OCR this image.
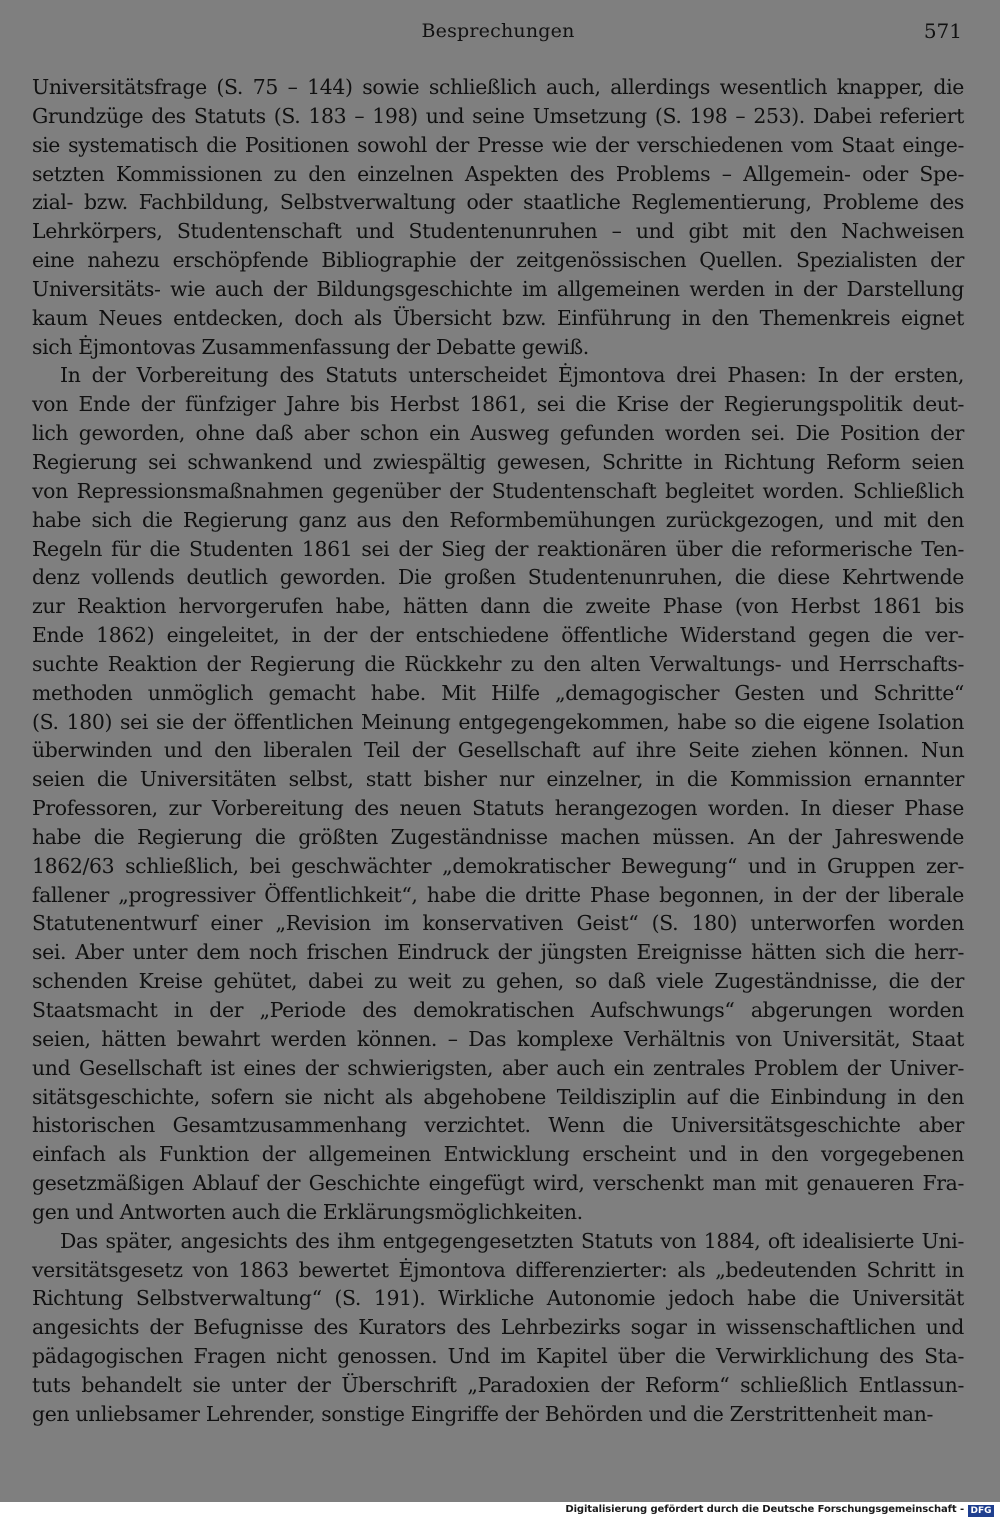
Besprechungen	571
Universitätsfrage (S. 75 – 144) sowie schließlich auch, allerdings wesentlich knapper, die
Grundzüge des Statuts (S. 183 – 198) und seine Umsetzung (S. 198 – 253). Dabei referiert
sie systematisch die Positionen sowohl der Presse wie der verschiedenen vom Staat einge-
setzten Kommissionen zu den einzelnen Aspekten des Problems – Allgemein- oder Spe-
zial- bzw. Fachbildung, Selbstverwaltung oder staatliche Reglementierung, Probleme des
Lehrkörpers, Studentenschaft und Studentenunruhen – und gibt mit den Nachweisen
eine nahezu erschöpfende Bibliographie der zeitgenössischen Quellen. Spezialisten der
Universitäts- wie auch der Bildungsgeschichte im allgemeinen werden in der Darstellung
kaum Neues entdecken, doch als Übersicht bzw. Einführung in den Themenkreis eignet
sich Ėjmontovas Zusammenfassung der Debatte gewiß.
In der Vorbereitung des Statuts unterscheidet Ėjmontova drei Phasen: In der ersten,
von Ende der fünfziger Jahre bis Herbst 1861, sei die Krise der Regierungspolitik deut-
lich geworden, ohne daß aber schon ein Ausweg gefunden worden sei. Die Position der
Regierung sei schwankend und zwiespältig gewesen, Schritte in Richtung Reform seien
von Repressionsmaßnahmen gegenüber der Studentenschaft begleitet worden. Schließlich
habe sich die Regierung ganz aus den Reformbemühungen zurückgezogen, und mit den
Regeln für die Studenten 1861 sei der Sieg der reaktionären über die reformerische Ten-
denz vollends deutlich geworden. Die großen Studentenunruhen, die diese Kehrtwende
zur Reaktion hervorgerufen habe, hätten dann die zweite Phase (von Herbst 1861 bis
Ende 1862) eingeleitet, in der der entschiedene öffentliche Widerstand gegen die ver-
suchte Reaktion der Regierung die Rückkehr zu den alten Verwaltungs- und Herrschafts-
methoden unmöglich gemacht habe. Mit Hilfe „demagogischer Gesten und Schritte“
(S. 180) sei sie der öffentlichen Meinung entgegengekommen, habe so die eigene Isolation
überwinden und den liberalen Teil der Gesellschaft auf ihre Seite ziehen können. Nun
seien die Universitäten selbst, statt bisher nur einzelner, in die Kommission ernannter
Professoren, zur Vorbereitung des neuen Statuts herangezogen worden. In dieser Phase
habe die Regierung die größten Zugeständnisse machen müssen. An der Jahreswende
1862/63 schließlich, bei geschwächter „demokratischer Bewegung“ und in Gruppen zer-
fallener „progressiver Öffentlichkeit“, habe die dritte Phase begonnen, in der der liberale
Statutenentwurf einer „Revision im konservativen Geist“ (S. 180) unterworfen worden
sei. Aber unter dem noch frischen Eindruck der jüngsten Ereignisse hätten sich die herr-
schenden Kreise gehütet, dabei zu weit zu gehen, so daß viele Zugeständnisse, die der
Staatsmacht in der „Periode des demokratischen Aufschwungs“ abgerungen worden
seien, hätten bewahrt werden können. – Das komplexe Verhältnis von Universität, Staat
und Gesellschaft ist eines der schwierigsten, aber auch ein zentrales Problem der Univer-
sitätsgeschichte, sofern sie nicht als abgehobene Teildisziplin auf die Einbindung in den
historischen Gesamtzusammenhang verzichtet. Wenn die Universitätsgeschichte aber
einfach als Funktion der allgemeinen Entwicklung erscheint und in den vorgegebenen
gesetzmäßigen Ablauf der Geschichte eingefügt wird, verschenkt man mit genaueren Fra-
gen und Antworten auch die Erklärungsmöglichkeiten.
Das später, angesichts des ihm entgegengesetzten Statuts von 1884, oft idealisierte Uni-
versitätsgesetz von 1863 bewertet Ėjmontova differenzierter: als „bedeutenden Schritt in
Richtung Selbstverwaltung“ (S. 191). Wirkliche Autonomie jedoch habe die Universität
angesichts der Befugnisse des Kurators des Lehrbezirks sogar in wissenschaftlichen und
pädagogischen Fragen nicht genossen. Und im Kapitel über die Verwirklichung des Sta-
tuts behandelt sie unter der Überschrift „Paradoxien der Reform“ schließlich Entlassun-
gen unliebsamer Lehrender, sonstige Eingriffe der Behörden und die Zerstrittenheit man-
Digitalisierung gefördert durch die Deutsche Forschungsgemeinschaft - DFG
